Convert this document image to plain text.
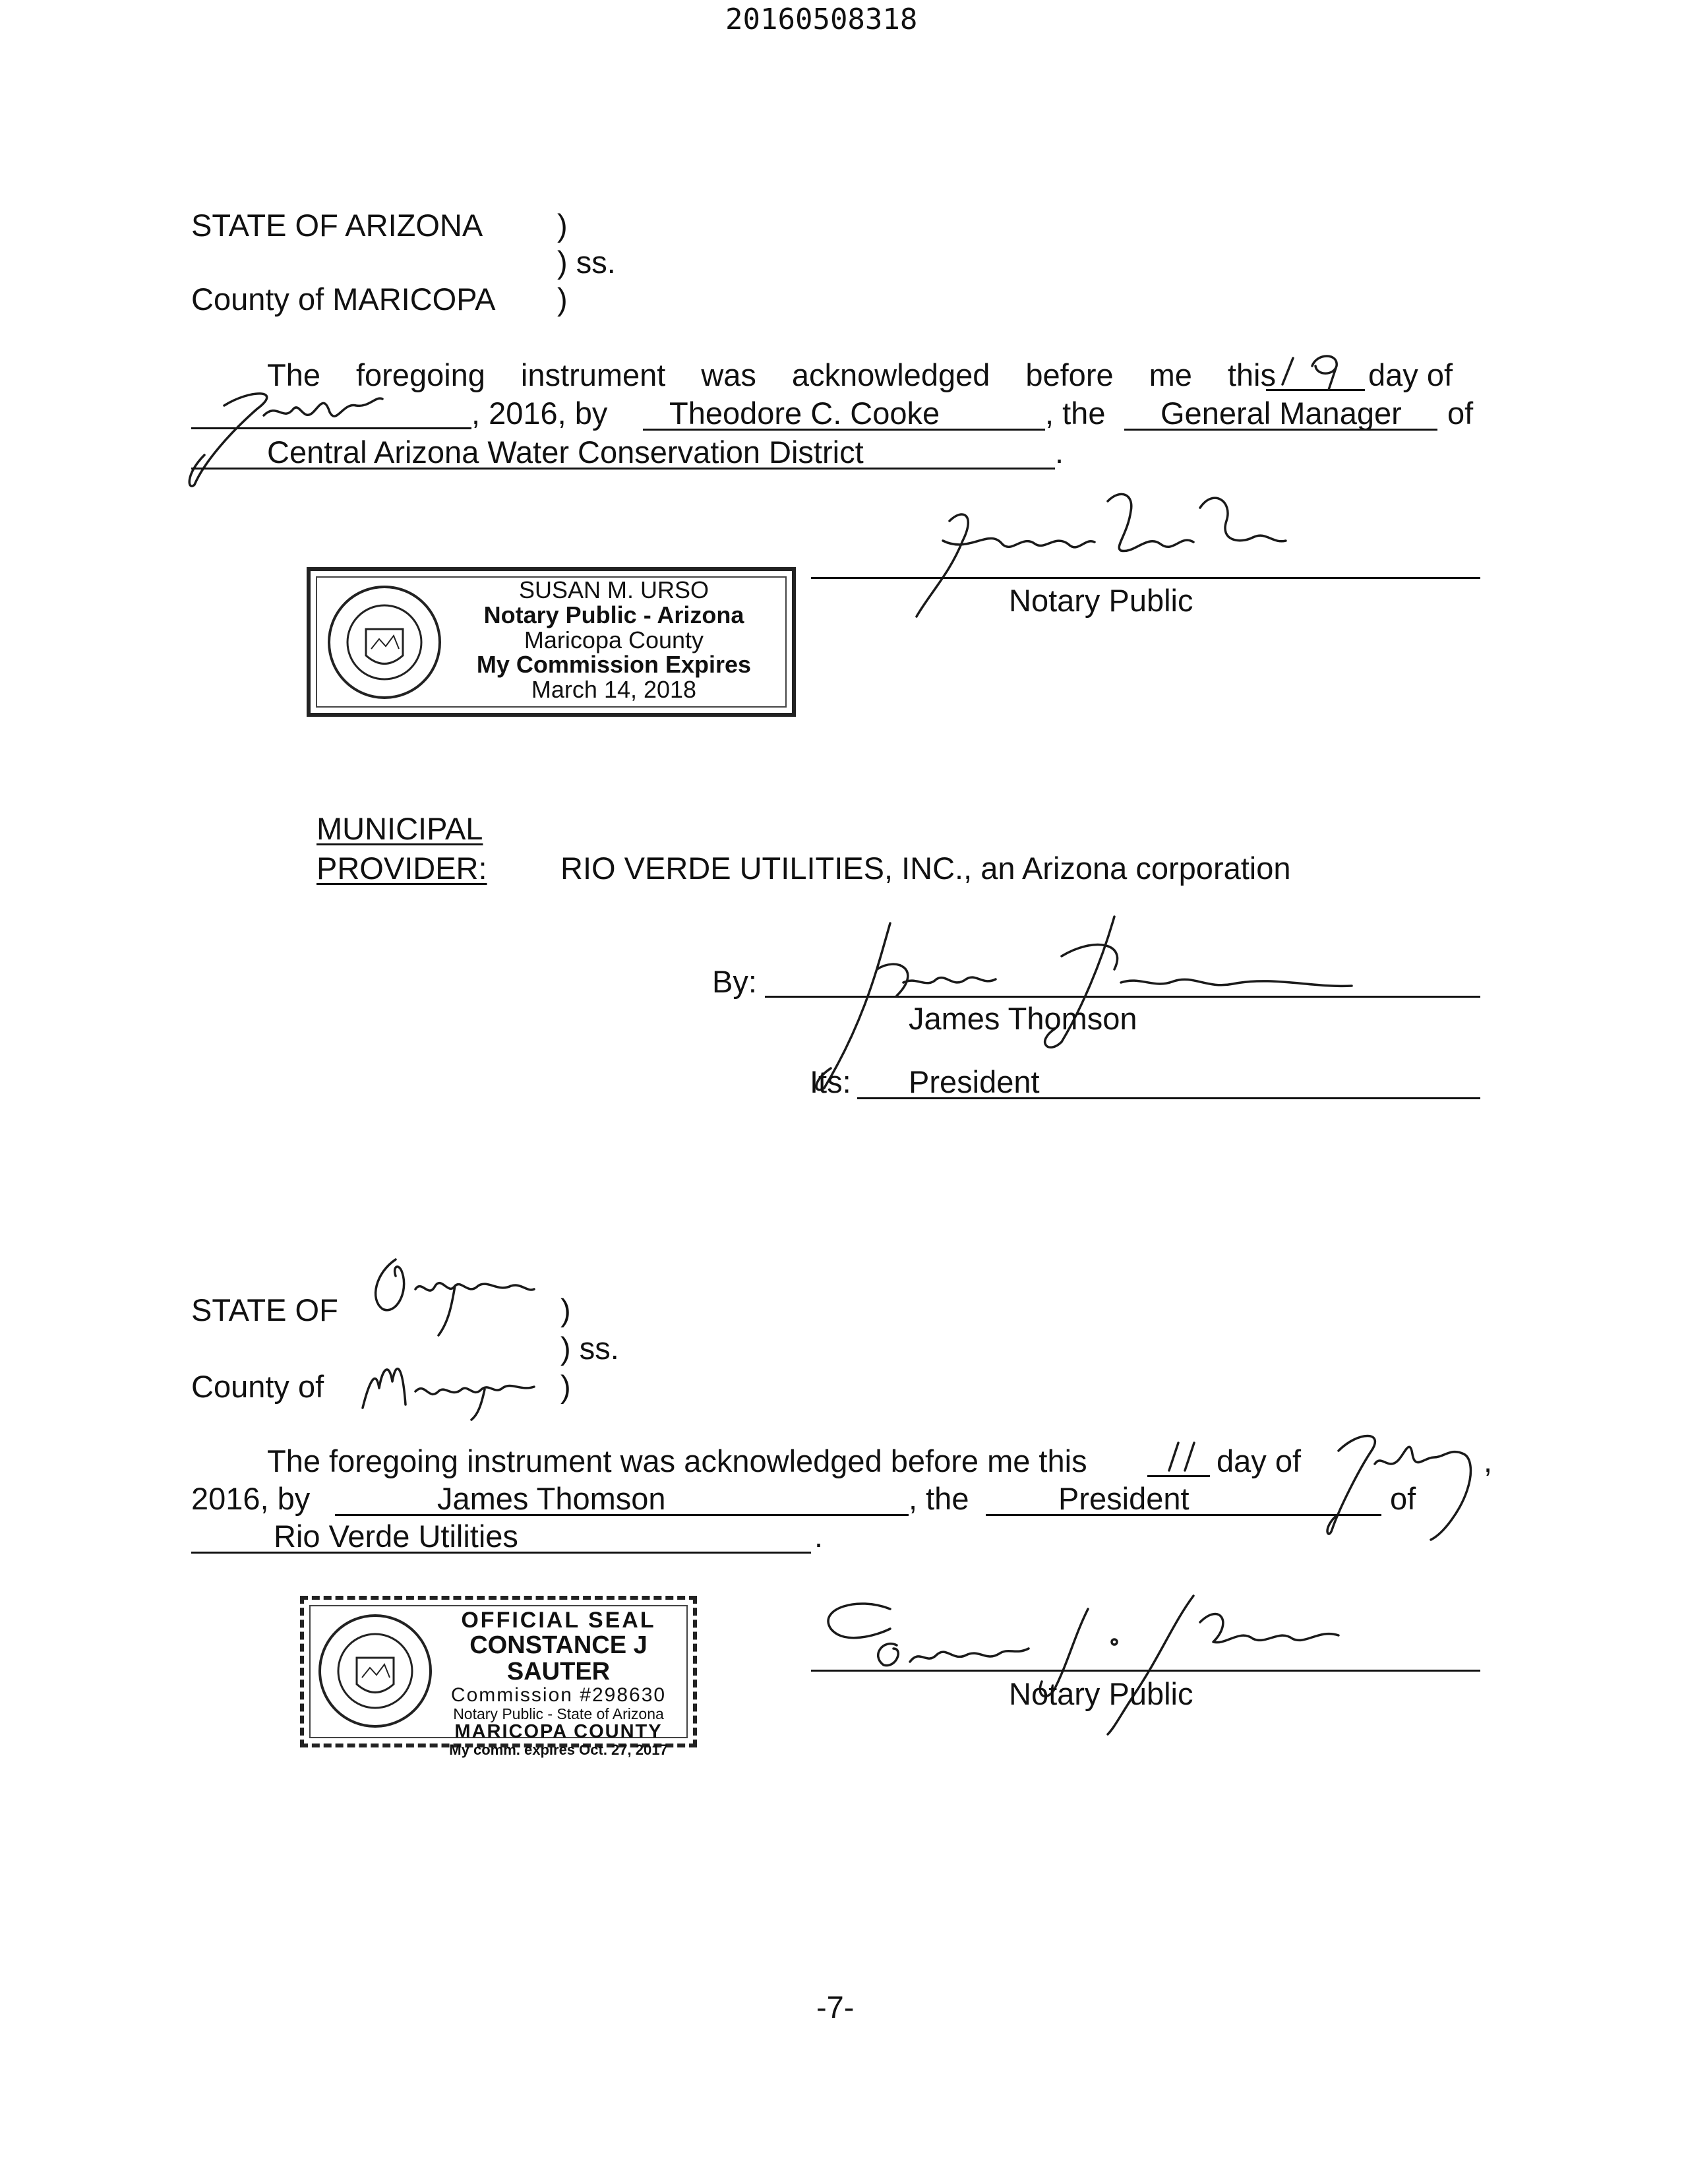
20160508318
STATE OF ARIZONA )
) ss.
County of MARICOPA )
The foregoing instrument was acknowledged before me this	day of
, 2016, by	Theodore C. Cooke	, the	General Manager	of
Central Arizona Water Conservation District	.
SUSAN M. URSO
Notary Public - Arizona
Maricopa County
My Commission Expires
March 14, 2018
Notary Public
MUNICIPAL
PROVIDER: RIO VERDE UTILITIES, INC., an Arizona corporation
By:
James Thomson
Its:	President
STATE OF	)
) ss.
County of	)
The foregoing instrument was acknowledged before me this	day of	,
2016, by	James Thomson	, the	President	of
Rio Verde Utilities	.
OFFICIAL SEAL
CONSTANCE J SAUTER
Commission #298630
Notary Public - State of Arizona
MARICOPA COUNTY
My comm. expires Oct. 27, 2017
Notary Public
-7-
